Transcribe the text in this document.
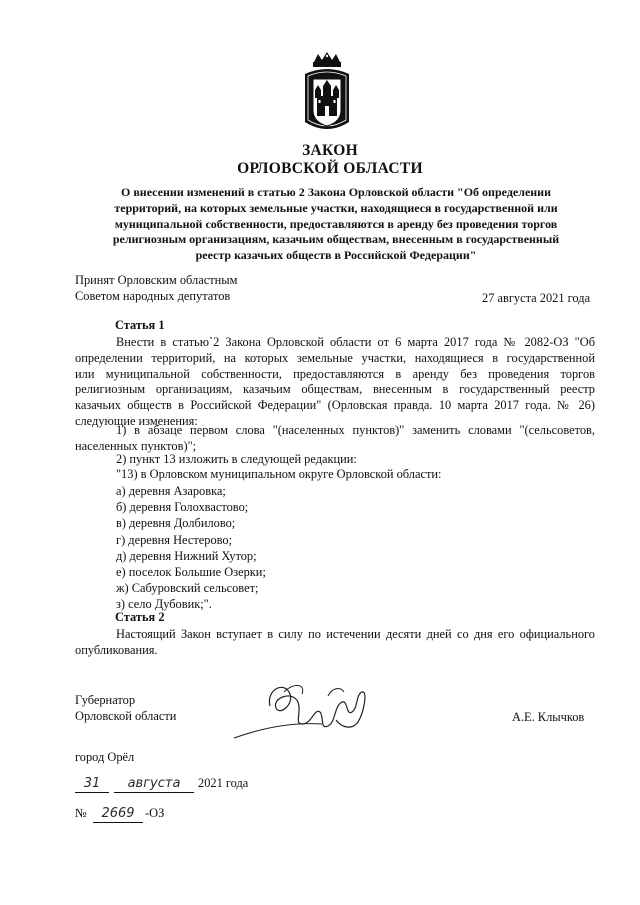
ЗАКОН
ОРЛОВСКОЙ ОБЛАСТИ
О внесении изменений в статью 2 Закона Орловской области "Об определении
территорий, на которых земельные участки, находящиеся в государственной или
муниципальной собственности, предоставляются в аренду без проведения торгов
религиозным организациям, казачьим обществам, внесенным в государственный
реестр казачьих обществ в Российской Федерации"
Принят Орловским областным
Советом народных депутатов	27 августа 2021 года
Статья 1
Внести в статью`2 Закона Орловской области от 6 марта 2017 года № 2082-ОЗ "Об
определении территорий, на которых земельные участки, находящиеся в государственной
или муниципальной собственности, предоставляются в аренду без проведения торгов
религиозным организациям, казачьим обществам, внесенным в государственный реестр
казачьих обществ в Российской Федерации" (Орловская правда. 10 марта 2017 года. № 26)
следующие изменения:
1) в абзаце первом слова "(населенных пунктов)" заменить словами "(сельсоветов,
населенных пунктов)";
2) пункт 13 изложить в следующей редакции:
"13) в Орловском муниципальном округе Орловской области:
а) деревня Азаровка;
б) деревня Голохвастово;
в) деревня Долбилово;
г) деревня Нестерово;
д) деревня Нижний Хутор;
е) поселок Большие Озерки;
ж) Сабуровский сельсовет;
з) село Дубовик;".
Статья 2
Настоящий Закон вступает в силу по истечении десяти дней со дня его официального
опубликования.
Губернатор
Орловской области	А.Е. Клычков
город Орёл
31	августа	2021 года
№	2669 -ОЗ
